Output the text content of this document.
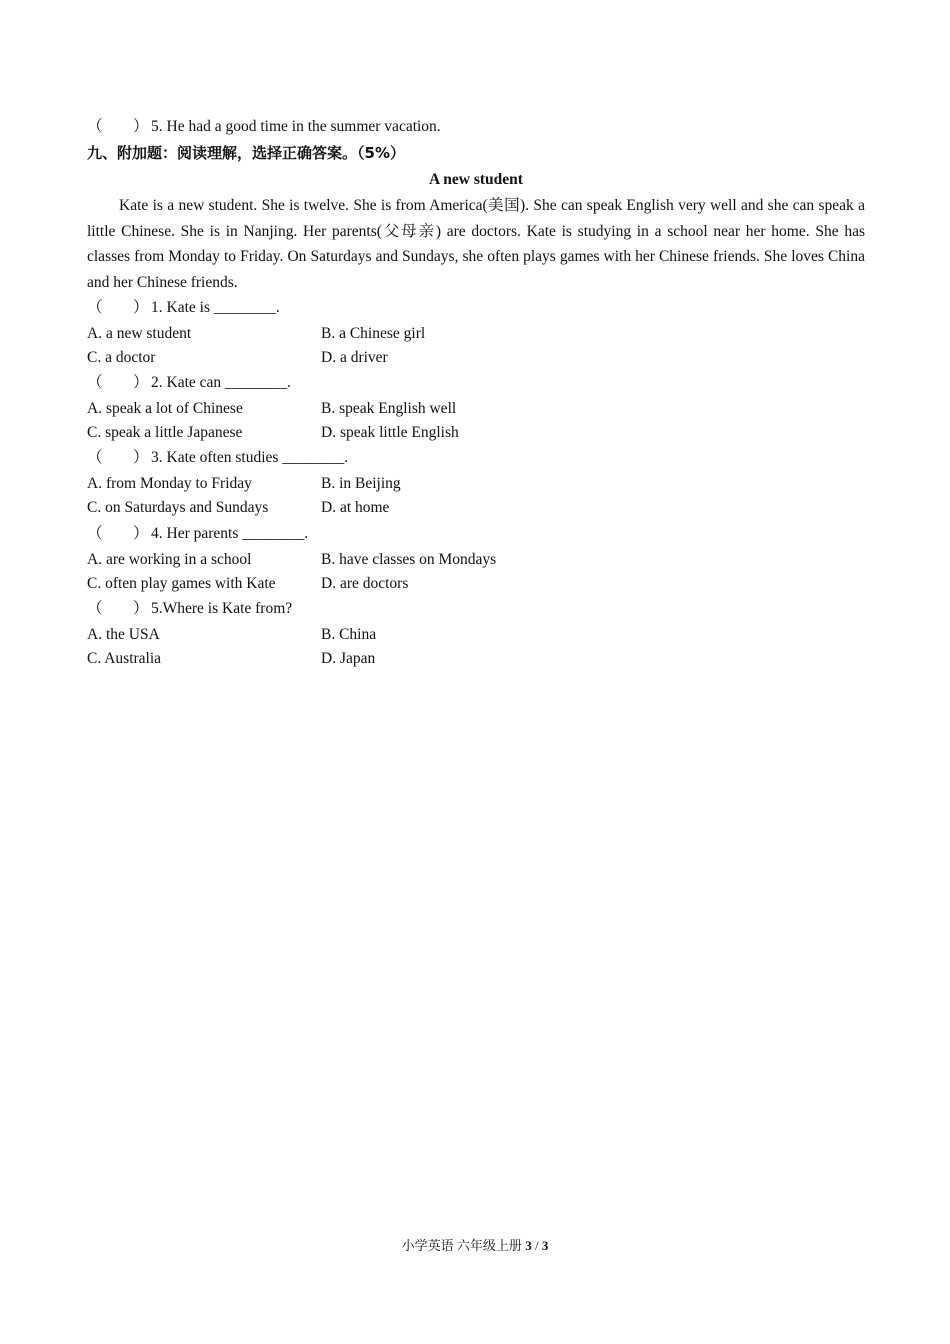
（ ） 5. He had a good time in the summer vacation.
九、附加题：阅读理解，选择正确答案。（5%）
A new student
Kate is a new student. She is twelve. She is from America(美国). She can speak English very well and she can speak a little Chinese. She is in Nanjing. Her parents(父母亲) are doctors. Kate is studying in a school near her home. She has classes from Monday to Friday. On Saturdays and Sundays, she often plays games with her Chinese friends. She loves China and her Chinese friends.
（ ） 1. Kate is ________.
A. a new student	B. a Chinese girl
C. a doctor	D. a driver
（ ） 2. Kate can ________.
A. speak a lot of Chinese	B. speak English well
C. speak a little Japanese	D. speak little English
（ ） 3. Kate often studies ________.
A. from Monday to Friday	B. in Beijing
C. on Saturdays and Sundays	D. at home
（ ） 4. Her parents ________.
A. are working in a school	B. have classes on Mondays
C. often play games with Kate	D. are doctors
（ ） 5.Where is Kate from?
A. the USA	B. China
C. Australia	D. Japan
小学英语 六年级上册 3 / 3
